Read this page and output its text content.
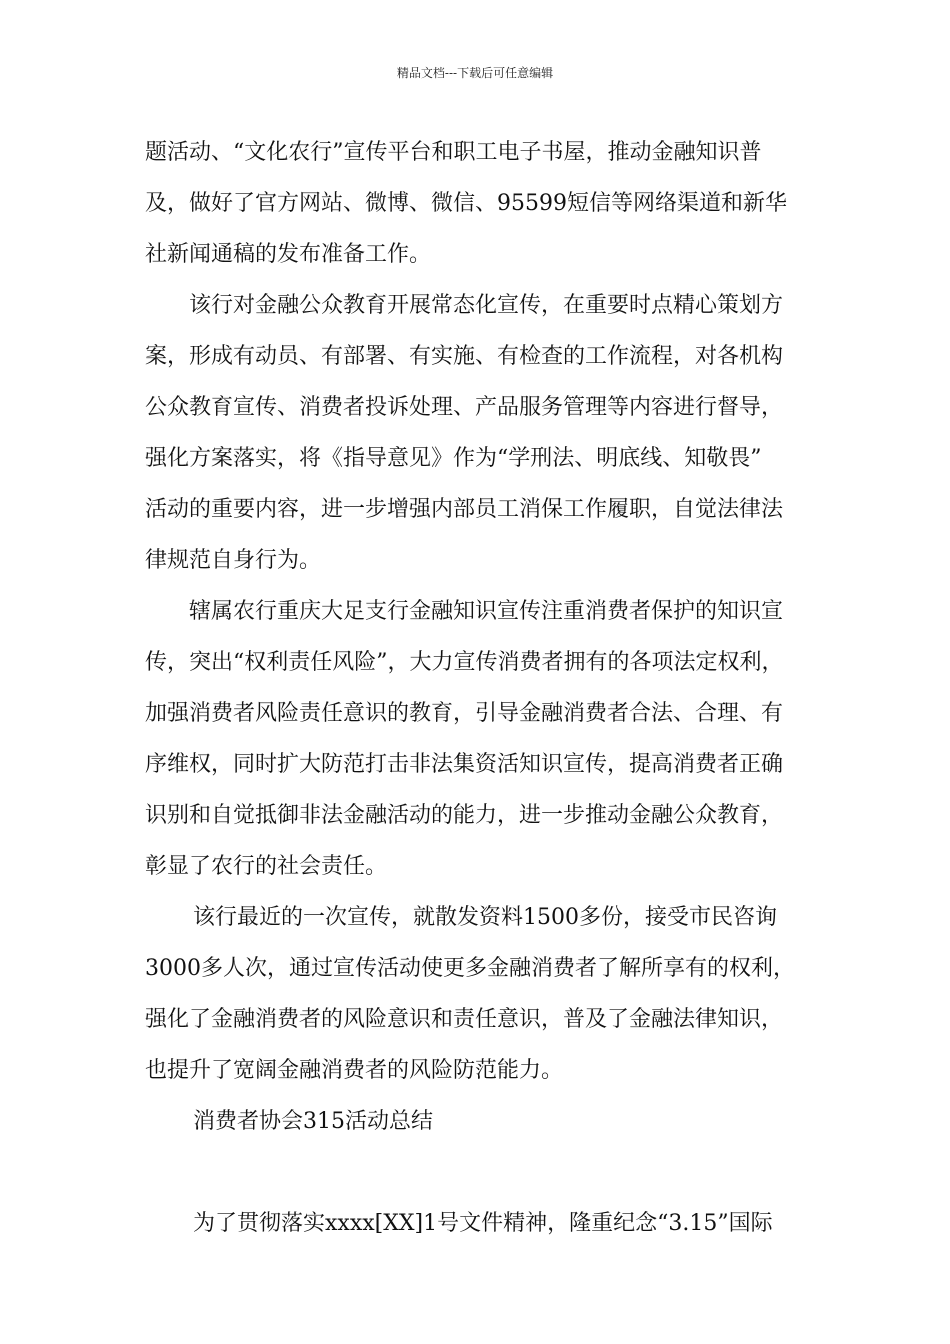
精品文档---下载后可任意编辑
题活动、“文化农行”宣传平台和职工电子书屋，推动金融知识普
及，做好了官方网站、微博、微信、95599短信等网络渠道和新华
社新闻通稿的发布准备工作。
该行对金融公众教育开展常态化宣传，在重要时点精心策划方
案，形成有动员、有部署、有实施、有检查的工作流程，对各机构
公众教育宣传、消费者投诉处理、产品服务管理等内容进行督导，
强化方案落实，将《指导意见》作为“学刑法、明底线、知敬畏”
活动的重要内容，进一步增强内部员工消保工作履职，自觉法律法
律规范自身行为。
辖属农行重庆大足支行金融知识宣传注重消费者保护的知识宣
传，突出“权利责任风险”，大力宣传消费者拥有的各项法定权利，
加强消费者风险责任意识的教育，引导金融消费者合法、合理、有
序维权，同时扩大防范打击非法集资活知识宣传，提高消费者正确
识别和自觉抵御非法金融活动的能力，进一步推动金融公众教育，
彰显了农行的社会责任。
该行最近的一次宣传，就散发资料1500多份，接受市民咨询
3000多人次，通过宣传活动使更多金融消费者了解所享有的权利，
强化了金融消费者的风险意识和责任意识，普及了金融法律知识，
也提升了宽阔金融消费者的风险防范能力。
消费者协会315活动总结
为了贯彻落实xxxx[XX]1号文件精神，隆重纪念“3.15”国际
